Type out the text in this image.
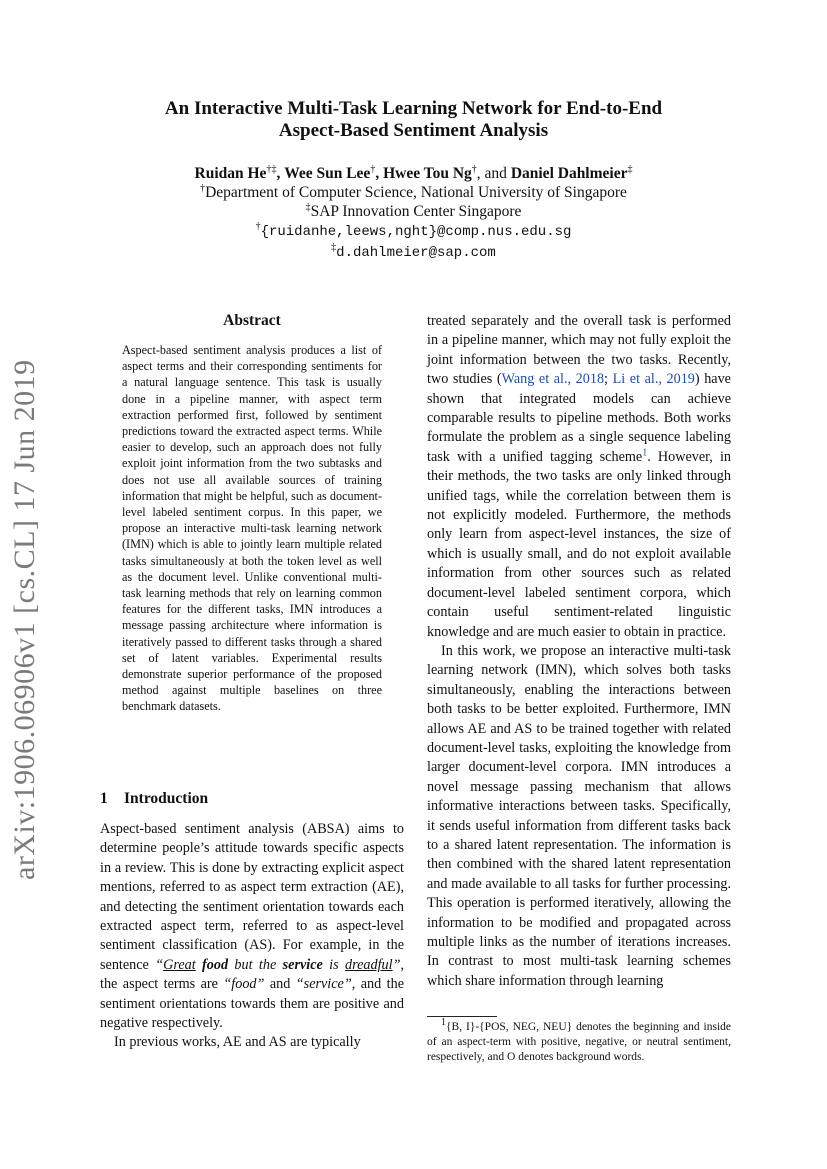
arXiv:1906.06906v1 [cs.CL] 17 Jun 2019
An Interactive Multi-Task Learning Network for End-to-End
Aspect-Based Sentiment Analysis
Ruidan He†‡, Wee Sun Lee†, Hwee Tou Ng†, and Daniel Dahlmeier‡
†Department of Computer Science, National University of Singapore
‡SAP Innovation Center Singapore
†{ruidanhe,leews,nght}@comp.nus.edu.sg
‡d.dahlmeier@sap.com
Abstract
Aspect-based sentiment analysis produces a list of aspect terms and their corresponding sentiments for a natural language sentence. This task is usually done in a pipeline manner, with aspect term extraction performed first, followed by sentiment predictions toward the extracted aspect terms. While easier to develop, such an approach does not fully exploit joint information from the two subtasks and does not use all available sources of training information that might be helpful, such as document-level labeled sentiment corpus. In this paper, we propose an interactive multi-task learning network (IMN) which is able to jointly learn multiple related tasks simultaneously at both the token level as well as the document level. Unlike conventional multi-task learning methods that rely on learning common features for the different tasks, IMN introduces a message passing architecture where information is iteratively passed to different tasks through a shared set of latent variables. Experimental results demonstrate superior performance of the proposed method against multiple baselines on three benchmark datasets.
1 Introduction

Aspect-based sentiment analysis (ABSA) aims to determine people’s attitude towards specific aspects in a review. This is done by extracting explicit aspect mentions, referred to as aspect term extraction (AE), and detecting the sentiment orientation towards each extracted aspect term, referred to as aspect-level sentiment classification (AS). For example, in the sentence “Great food but the service is dreadful”, the aspect terms are “food” and “service”, and the sentiment orientations towards them are positive and negative respectively.

In previous works, AE and AS are typically

treated separately and the overall task is performed in a pipeline manner, which may not fully exploit the joint information between the two tasks. Recently, two studies (Wang et al., 2018; Li et al., 2019) have shown that integrated models can achieve comparable results to pipeline methods. Both works formulate the problem as a single sequence labeling task with a unified tagging scheme$^1$. However, in their methods, the two tasks are only linked through unified tags, while the correlation between them is not explicitly modeled. Furthermore, the methods only learn from aspect-level instances, the size of which is usually small, and do not exploit available information from other sources such as related document-level labeled sentiment corpora, which contain useful sentiment-related linguistic knowledge and are much easier to obtain in practice.

In this work, we propose an interactive multi-task learning network (IMN), which solves both tasks simultaneously, enabling the interactions between both tasks to be better exploited. Furthermore, IMN allows AE and AS to be trained together with related document-level tasks, exploiting the knowledge from larger document-level corpora. IMN introduces a novel message passing mechanism that allows informative interactions between tasks. Specifically, it sends useful information from different tasks back to a shared latent representation. The information is then combined with the shared latent representation and made available to all tasks for further processing. This operation is performed iteratively, allowing the information to be modified and propagated across multiple links as the number of iterations increases. In contrast to most multi-task learning schemes which share information through learning

$^1${B, I}-{POS, NEG, NEU} denotes the beginning and inside of an aspect-term with positive, negative, or neutral sentiment, respectively, and O denotes background words.
